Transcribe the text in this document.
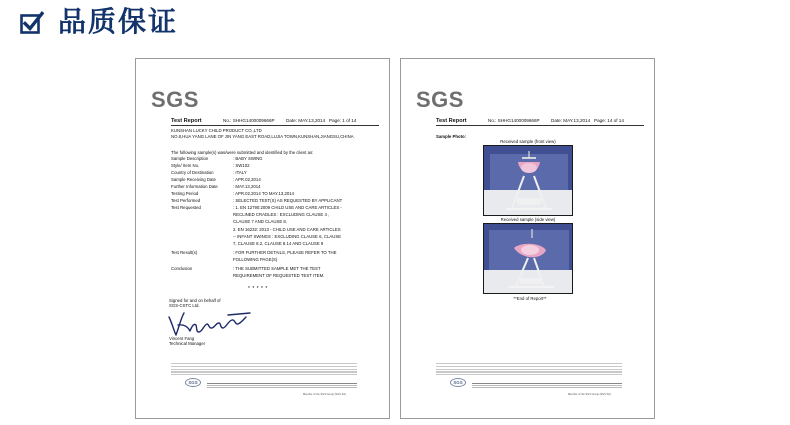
品质保证
SGS
Test Report	No.: SHHG1400009666P Date: MAY.13,2014 Page: 1 of 14
KUNSHAN LUCKY CHILD PRODUCT CO.,LTD
NO.8,HUA YANG LANE OF JIN YANG EAST ROAD,LUJIA TOWN,KUNSHAN,JIANGSU,CHINA
The following sample(s) was/were submitted and identified by the client as:
Sample Description	: BABY SWING
Style/ Item No.	: SW102
Country of Destination	: ITALY
Sample Receiving Date	: APR.02,2014
Further Information Date	: MAY.13,2014
Testing Period	: APR.02,2014 TO MAY.13,2014
Test Performed	: SELECTED TEST(S) AS REQUESTED BY APPLICANT
Test Requested	: 1. EN 12790:2009 CHILD USE AND CARE ARTICLES -
RECLINED CRADLES : EXCLUDING CLAUSE 4 ,
CLAUSE 7 AND CLAUSE 8.
2. EN 16232: 2013 - CHILD USE AND CARE ARTICLES
-- INFANT SWINGS : EXCLUDING CLAUSE 6, CLAUSE
7, CLAUSE 8.2, CLAUSE 8.14 AND CLAUSE 9
Test Result(s)	: FOR FURTHER DETAILS, PLEASE REFER TO THE
FOLLOWING PAGE(S)
Conclusion	: THE SUBMITTED SAMPLE MET THE TEST
REQUIREMENT OF REQUESTED TEST ITEM.
* * * * *
Signed for and on behalf of
SGS-CSTC Ltd.
Vincent Fang
Technical Manager
SGS
Member of the SGS Group (SGS SA)
SGS
Test Report	No.: SHHG1400009666P Date: MAY.13,2014 Page: 14 of 14
Sample Photo:
Received sample (front view)
Received sample (side view)
**End of Report**
SGS
Member of the SGS Group (SGS SA)
